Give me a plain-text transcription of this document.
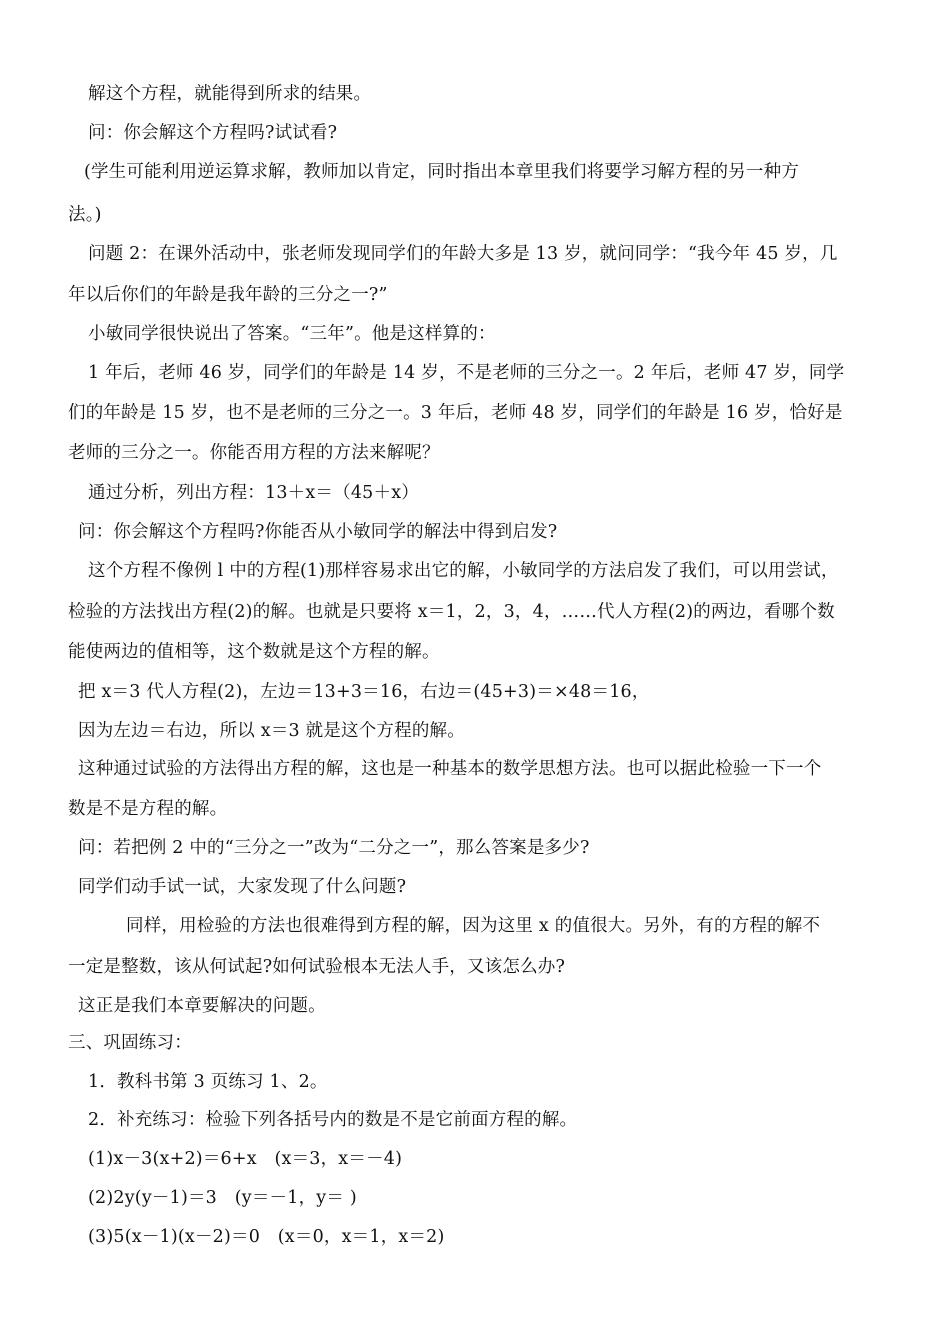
解这个方程，就能得到所求的结果。
问：你会解这个方程吗?试试看?
(学生可能利用逆运算求解，教师加以肯定，同时指出本章里我们将要学习解方程的另一种方
法。)
问题 2：在课外活动中，张老师发现同学们的年龄大多是 13 岁，就问同学：“我今年 45 岁，几
年以后你们的年龄是我年龄的三分之一?”
小敏同学很快说出了答案。“三年”。他是这样算的：
1 年后，老师 46 岁，同学们的年龄是 14 岁，不是老师的三分之一。2 年后，老师 47 岁，同学
们的年龄是 15 岁，也不是老师的三分之一。3 年后，老师 48 岁，同学们的年龄是 16 岁，恰好是
老师的三分之一。你能否用方程的方法来解呢？
通过分析，列出方程：13＋x＝（45＋x）
问：你会解这个方程吗?你能否从小敏同学的解法中得到启发?
这个方程不像例 l 中的方程(1)那样容易求出它的解，小敏同学的方法启发了我们，可以用尝试，
检验的方法找出方程(2)的解。也就是只要将 x＝1，2，3，4，……代人方程(2)的两边，看哪个数
能使两边的值相等，这个数就是这个方程的解。
把 x＝3 代人方程(2)，左边＝13+3＝16，右边＝(45+3)＝×48＝16，
因为左边＝右边，所以 x＝3 就是这个方程的解。
这种通过试验的方法得出方程的解，这也是一种基本的数学思想方法。也可以据此检验一下一个
数是不是方程的解。
问：若把例 2 中的“三分之一”改为“二分之一”，那么答案是多少?
同学们动手试一试，大家发现了什么问题?
同样，用检验的方法也很难得到方程的解，因为这里 x 的值很大。另外，有的方程的解不
一定是整数，该从何试起?如何试验根本无法人手，又该怎么办?
这正是我们本章要解决的问题。
三、巩固练习：
1．教科书第 3 页练习 1、2。
2．补充练习：检验下列各括号内的数是不是它前面方程的解。
(1)x－3(x+2)＝6+x　(x＝3，x＝－4)
(2)2y(y－1)＝3　(y＝－1，y＝ )
(3)5(x－1)(x－2)＝0　(x＝0，x＝1，x＝2)
